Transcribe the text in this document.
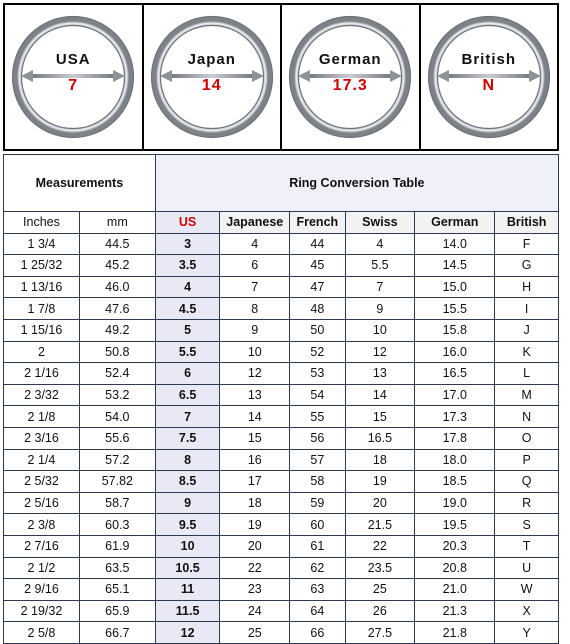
USA
7
Japan
14
German
17.3
British
N
Measurements		Ring Conversion Table					
Inches	mm	US	Japanese	French	Swiss	German	British
1 3/4	44.5	3	4	44	4	14.0	F
1 25/32	45.2	3.5	6	45	5.5	14.5	G
1 13/16	46.0	4	7	47	7	15.0	H
1 7/8	47.6	4.5	8	48	9	15.5	I
1 15/16	49.2	5	9	50	10	15.8	J
2	50.8	5.5	10	52	12	16.0	K
2 1/16	52.4	6	12	53	13	16.5	L
2 3/32	53.2	6.5	13	54	14	17.0	M
2 1/8	54.0	7	14	55	15	17.3	N
2 3/16	55.6	7.5	15	56	16.5	17.8	O
2 1/4	57.2	8	16	57	18	18.0	P
2 5/32	57.82	8.5	17	58	19	18.5	Q
2 5/16	58.7	9	18	59	20	19.0	R
2 3/8	60.3	9.5	19	60	21.5	19.5	S
2 7/16	61.9	10	20	61	22	20.3	T
2 1/2	63.5	10.5	22	62	23.5	20.8	U
2 9/16	65.1	11	23	63	25	21.0	W
2 19/32	65.9	11.5	24	64	26	21.3	X
2 5/8	66.7	12	25	66	27.5	21.8	Y
